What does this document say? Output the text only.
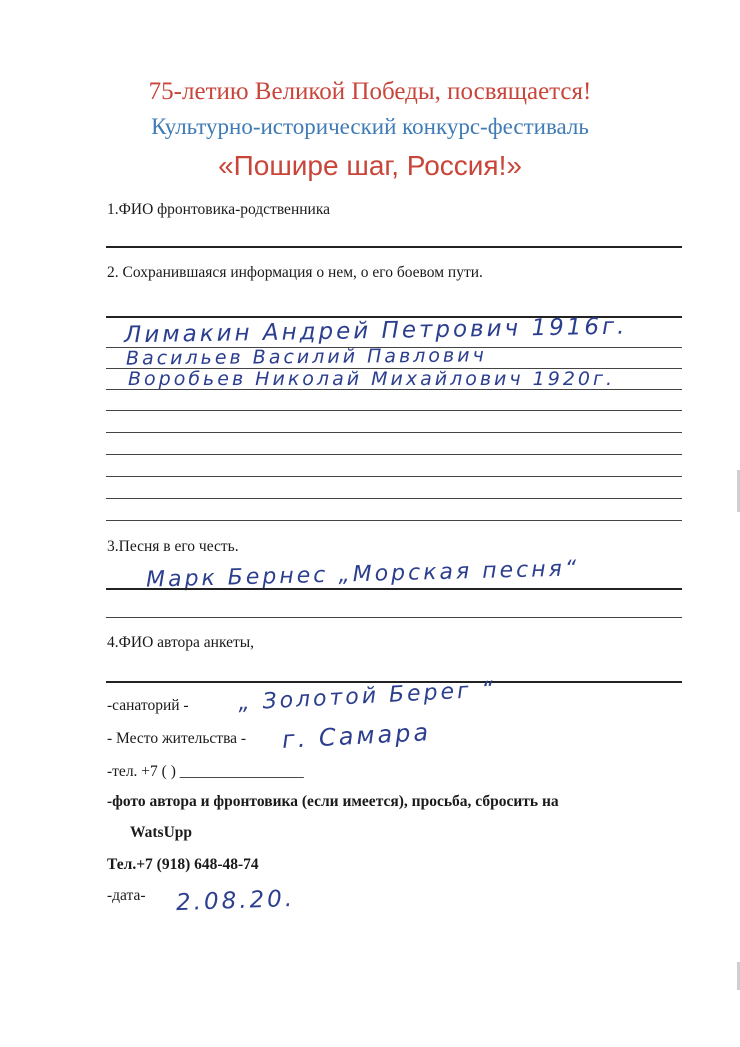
75-летию Великой Победы, посвящается!
Культурно-исторический конкурс-фестиваль
«Пошире шаг, Россия!»
1.ФИО фронтовика-родственника
2. Сохранившаяся информация о нем, о его боевом пути.
Лимакин Андрей Петрович 1916г.
Васильев Василий Павлович
Воробьев Николай Михайлович 1920г.
3.Песня в его честь.
Марк Бернес „Морская песня“
4.ФИО автора анкеты,
-санаторий - „ Золотой Берег “
- Место жительства - г. Самара
-тел. +7 ( ) ________________
-фото автора и фронтовика (если имеется), просьба, сбросить на
WatsUpp
Тел.+7 (918) 648-48-74
-дата- 2.08.20.
